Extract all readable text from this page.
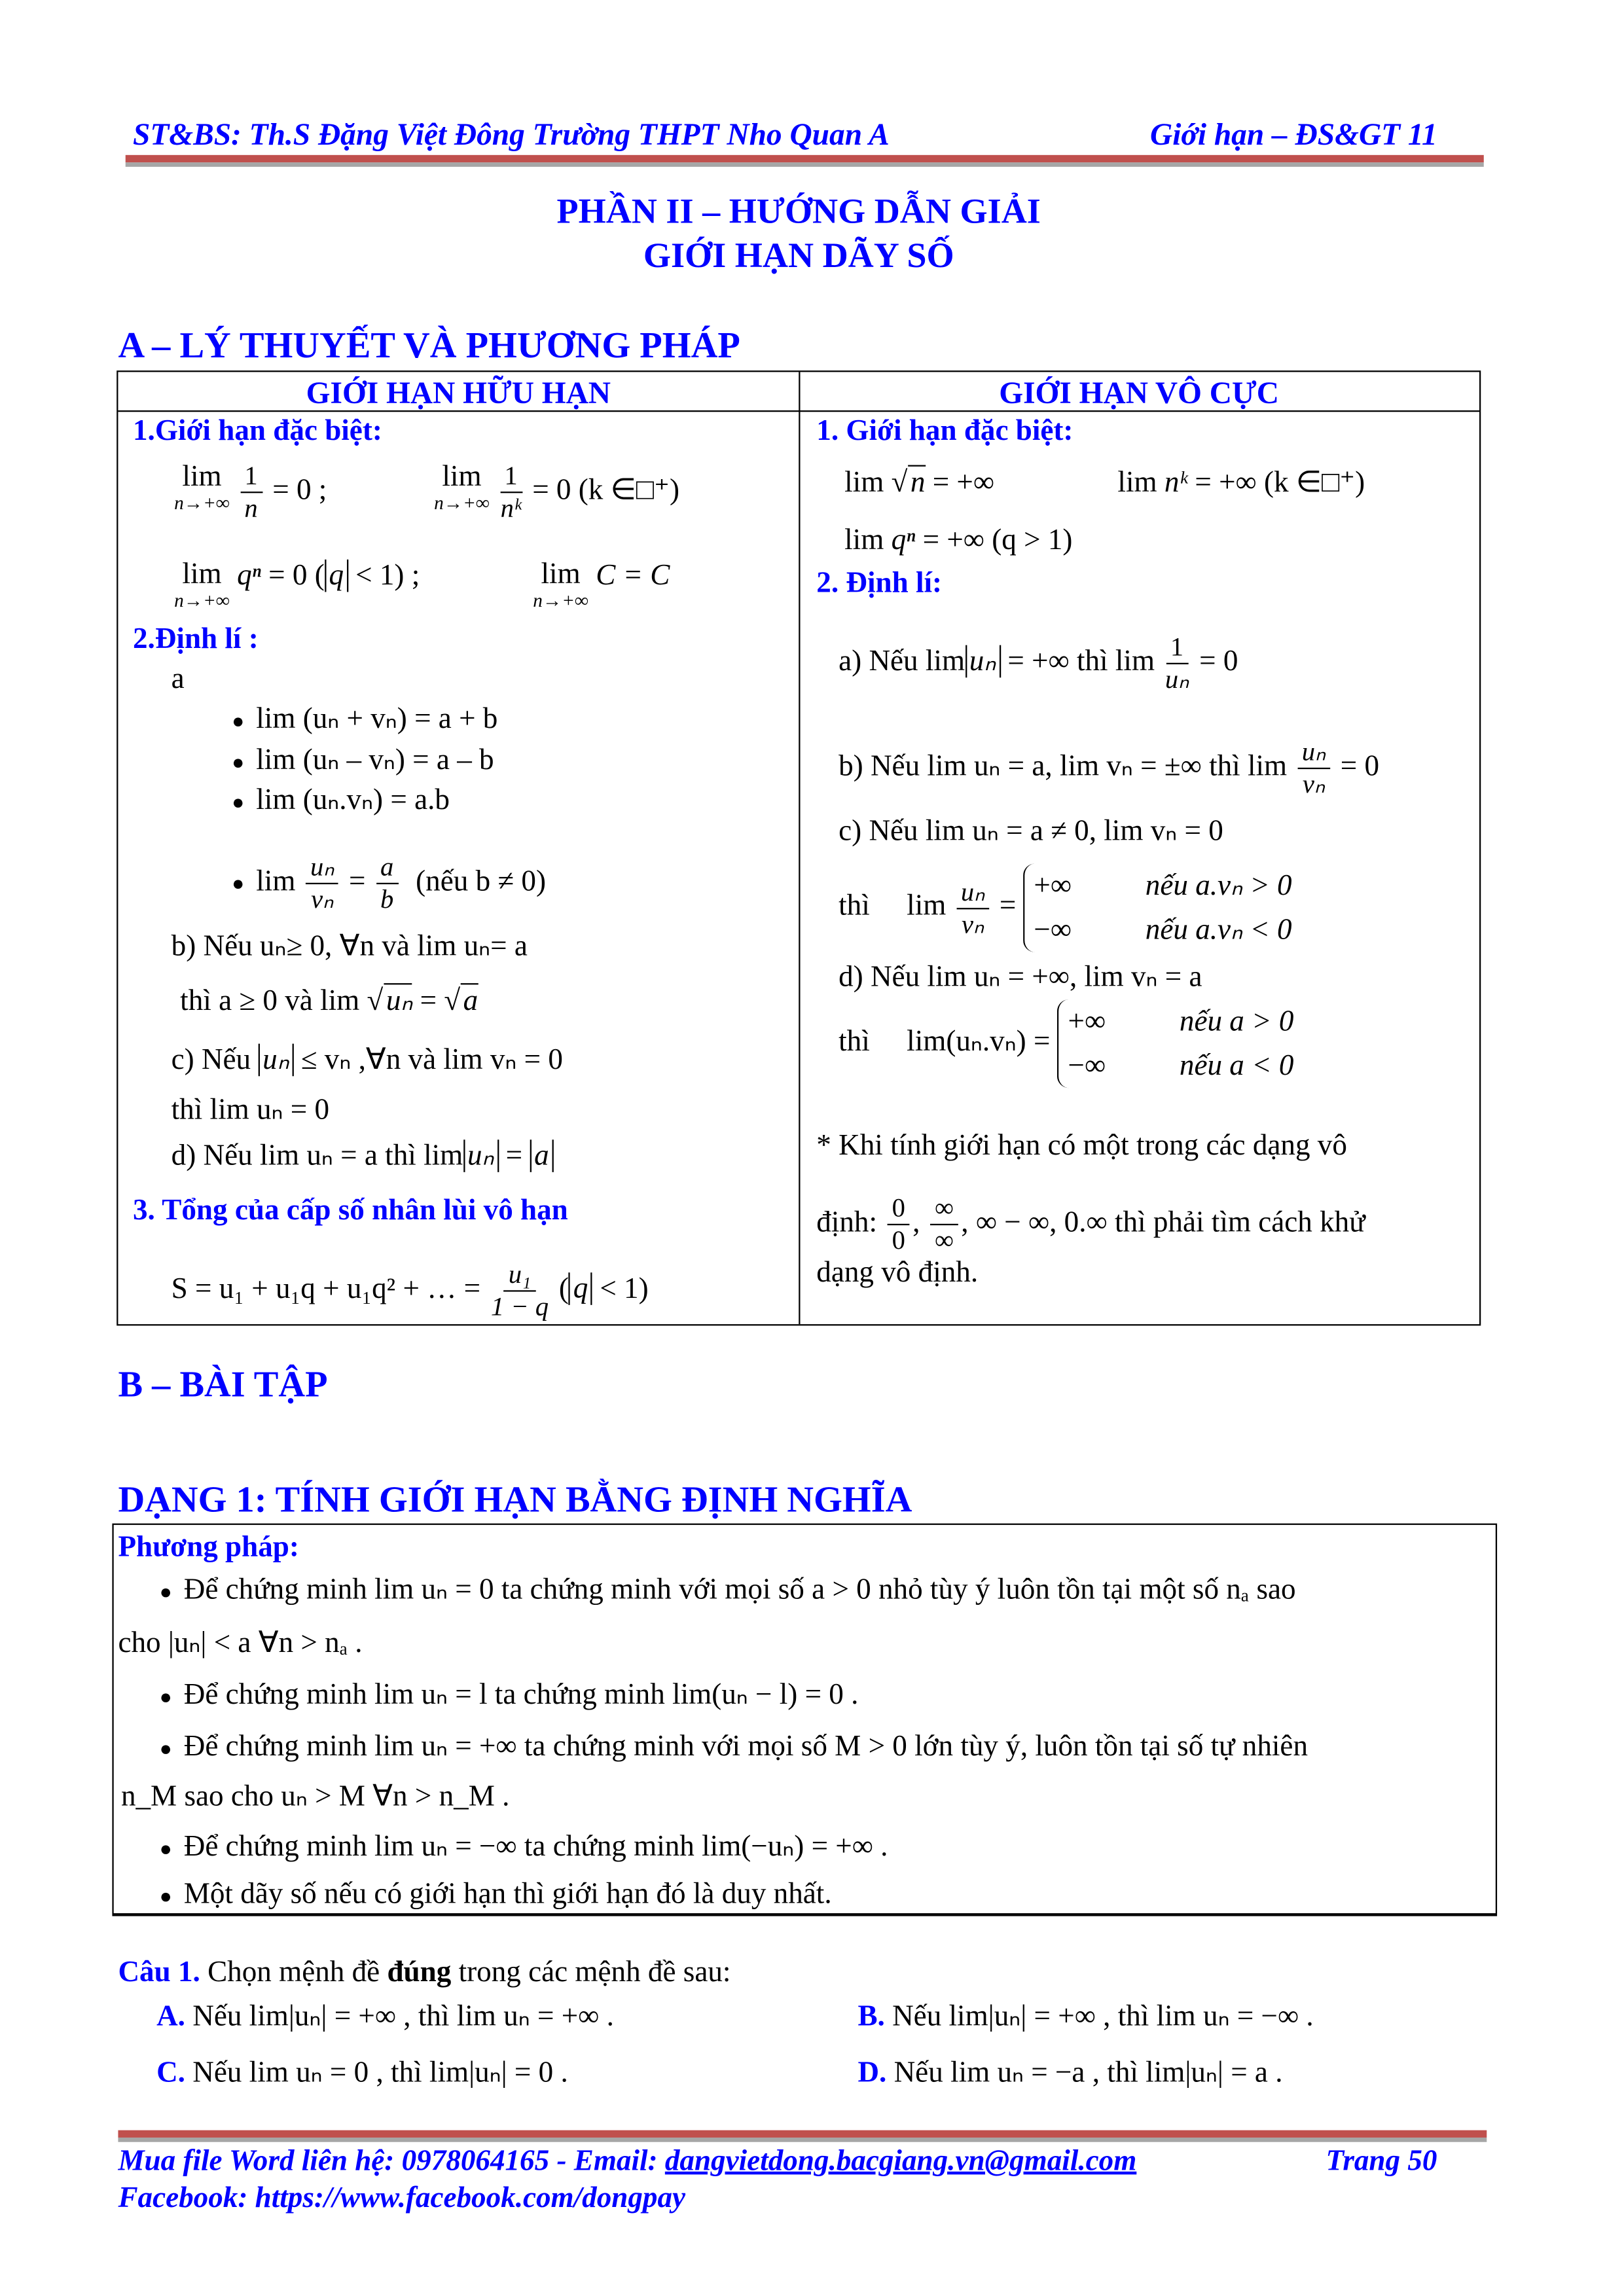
ST&BS: Th.S Đặng Việt Đông Trường THPT Nho Quan A	Giới hạn – ĐS&GT 11
PHẦN II – HƯỚNG DẪN GIẢI
GIỚI HẠN DÃY SỐ
A – LÝ THUYẾT VÀ PHƯƠNG PHÁP
GIỚI HẠN HỮU HẠN	GIỚI HẠN VÔ CỰC
1.Giới hạn đặc biệt:
lim
n→+∞
$\frac{1}{n} = 0$ ;	lim
n→+∞
$\frac{1}{\text{nᵏ}} = 0$ (k ∈□⁺)
lim
n→+∞
qⁿ = 0 ( q < 1) ;	lim
n→+∞
C = C
2.Định lí :
a
● lim (uₙ + vₙ) = a + b
● lim (uₙ – vₙ) = a – b
● lim (uₙ.vₙ) = a.b
● $\lim \frac{\text{uₙ}}{\text{vₙ}} = \frac{a}{b}$ (nếu b ≠ 0)
b) Nếu uₙ≥ 0, ∀n và lim uₙ= a
thì a ≥ 0 và lim √ uₙ = √ a
c) Nếu uₙ ≤ vₙ ,∀n và lim vₙ = 0
thì lim uₙ = 0
d) Nếu lim uₙ = a thì lim uₙ = a
3. Tổng của cấp số nhân lùi vô hạn
S = u₁ + u₁q + u₁q² + … = $\frac{\text{u₁}}{1 - q}$ ( q < 1)
1. Giới hạn đặc biệt:
lim √ n = +∞	lim nᵏ = +∞ (k ∈□⁺)
lim qⁿ = +∞ (q > 1)
2. Định lí:
a) Nếu lim uₙ = +∞ thì $\lim \frac{1}{\text{uₙ}} = 0$
b) Nếu lim uₙ = a, lim vₙ = ±∞ thì $\lim \frac{\text{uₙ}}{\text{vₙ}} = 0$
c) Nếu lim uₙ = a ≠ 0, lim vₙ = 0
thì	$\lim \frac{\text{uₙ}}{\text{vₙ}}$ =
+∞	nếu a.vₙ > 0
−∞	nếu a.vₙ < 0
d) Nếu lim uₙ = +∞, lim vₙ = a
thì	lim(uₙ.vₙ) =
+∞	nếu a > 0
−∞	nếu a < 0
* Khi tính giới hạn có một trong các dạng vô
định: $\frac{0}{0}$ ,	∞
∞
, ∞ − ∞, 0.∞ thì phải tìm cách khử
dạng vô định.
B – BÀI TẬP
DẠNG 1: TÍNH GIỚI HẠN BẰNG ĐỊNH NGHĨA
Phương pháp:
● Để chứng minh lim uₙ = 0 ta chứng minh với mọi số a > 0 nhỏ tùy ý luôn tồn tại một số nₐ sao
cho |uₙ| < a ∀n > nₐ .
● Để chứng minh lim uₙ = l ta chứng minh lim(uₙ − l) = 0 .
● Để chứng minh lim uₙ = +∞ ta chứng minh với mọi số M > 0 lớn tùy ý, luôn tồn tại số tự nhiên
n_M sao cho uₙ > M ∀n > n_M .
● Để chứng minh lim uₙ = −∞ ta chứng minh lim(−uₙ) = +∞ .
● Một dãy số nếu có giới hạn thì giới hạn đó là duy nhất.
Câu 1. Chọn mệnh đề đúng trong các mệnh đề sau:
A. Nếu lim|uₙ| = +∞ , thì lim uₙ = +∞ .	B. Nếu lim|uₙ| = +∞ , thì lim uₙ = −∞ .
C. Nếu lim uₙ = 0 , thì lim|uₙ| = 0 .	D. Nếu lim uₙ = −a , thì lim|uₙ| = a .
Mua file Word liên hệ: 0978064165 - Email: dangvietdong.bacgiang.vn@gmail.com	Trang 50
Facebook: https://www.facebook.com/dongpay
